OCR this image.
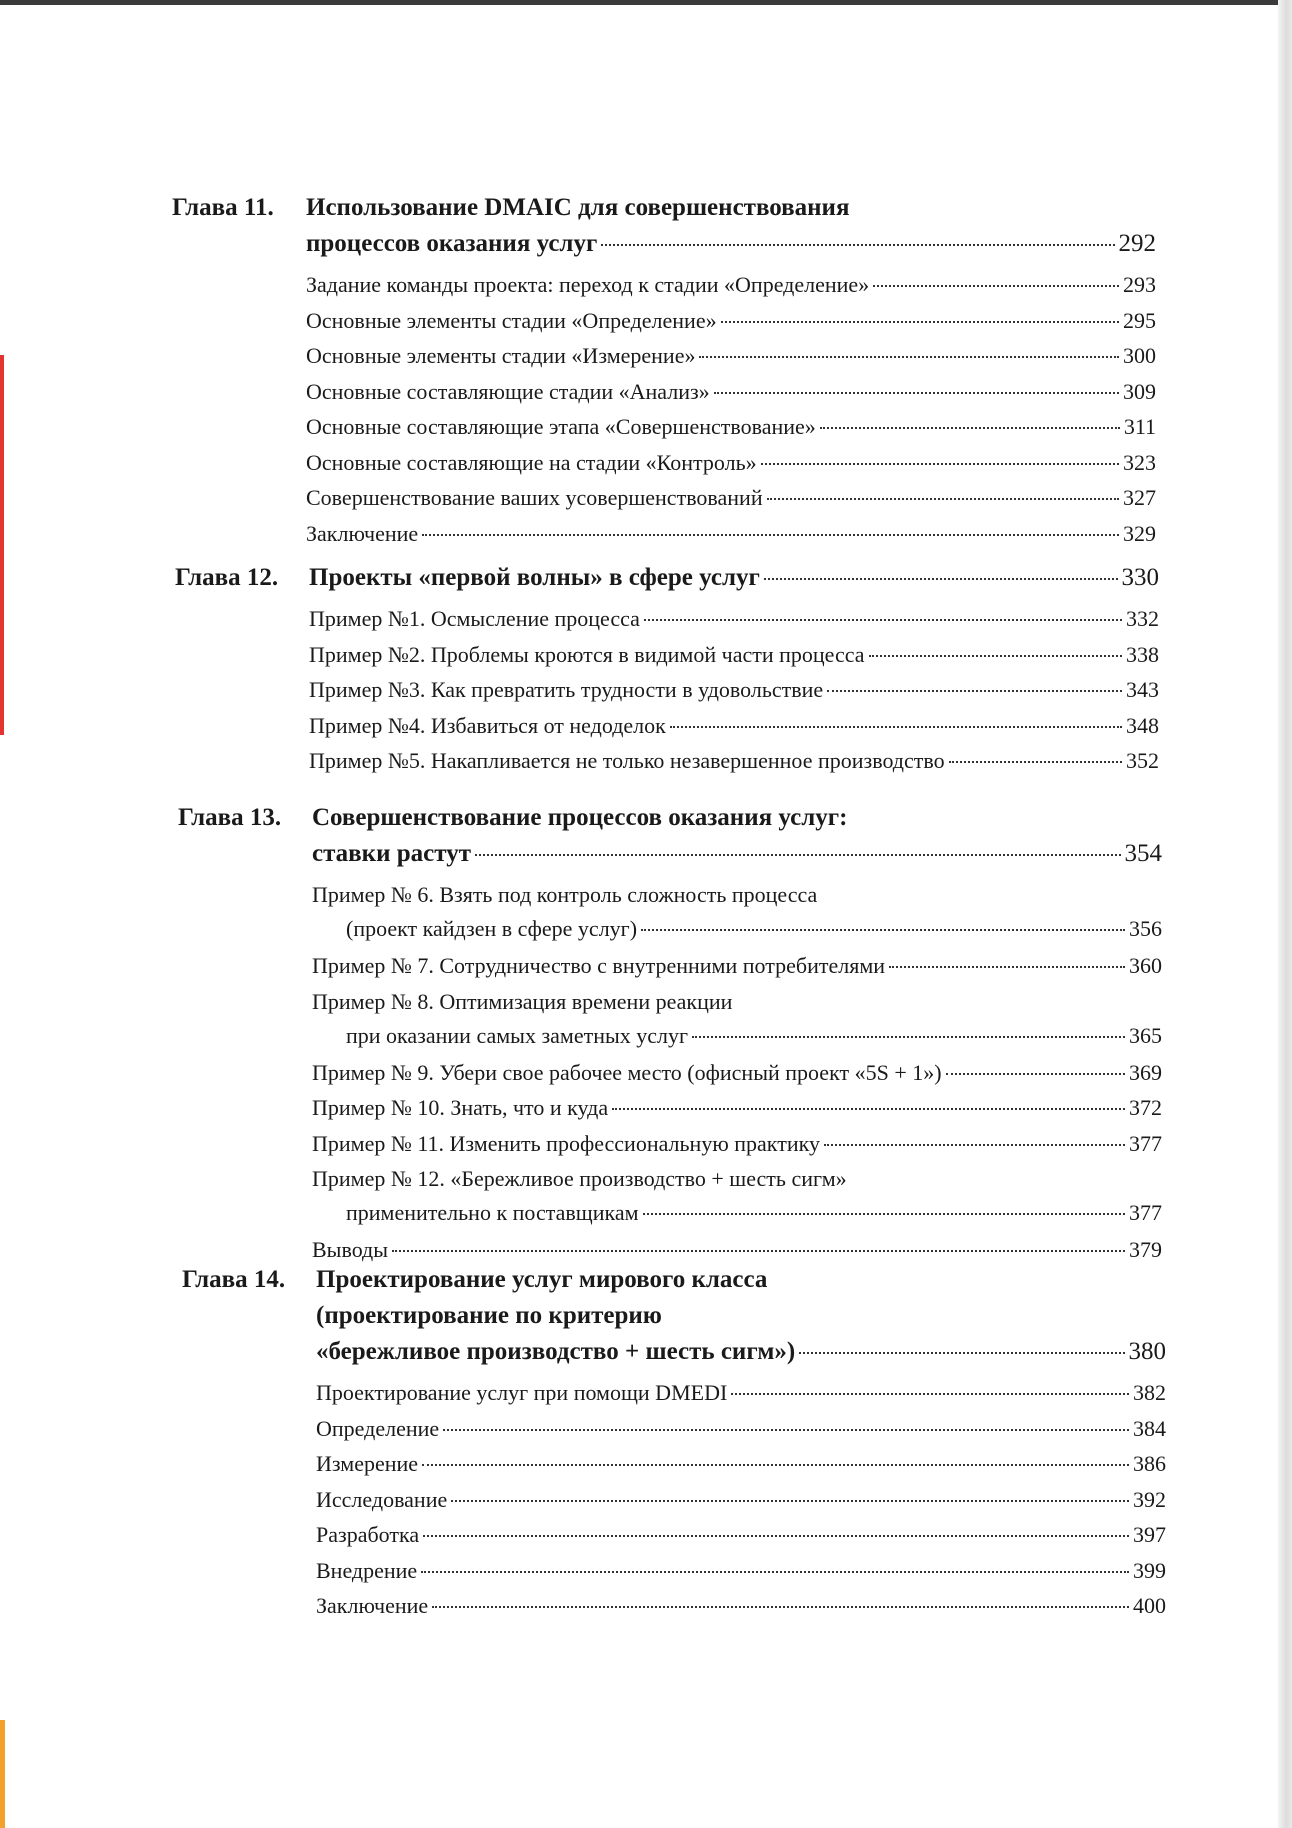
Глава 11.	Использование DMAIC для совершенствования
процессов оказания услуг	292
Задание команды проекта: переход к стадии «Определение»	293
Основные элементы стадии «Определение»	295
Основные элементы стадии «Измерение»	300
Основные составляющие стадии «Анализ»	309
Основные составляющие этапа «Совершенствование»	311
Основные составляющие на стадии «Контроль»	323
Совершенствование ваших усовершенствований	327
Заключение	329
Глава 12.	Проекты «первой волны» в сфере услуг	330
Пример №1. Осмысление процесса	332
Пример №2. Проблемы кроются в видимой части процесса	338
Пример №3. Как превратить трудности в удовольствие	343
Пример №4. Избавиться от недоделок	348
Пример №5. Накапливается не только незавершенное производство	352
Глава 13.	Совершенствование процессов оказания услуг:
ставки растут	354
Пример № 6. Взять под контроль сложность процесса
(проект кайдзен в сфере услуг)	356
Пример № 7. Сотрудничество с внутренними потребителями	360
Пример № 8. Оптимизация времени реакции
при оказании самых заметных услуг	365
Пример № 9. Убери свое рабочее место (офисный проект «5S + 1»)	369
Пример № 10. Знать, что и куда	372
Пример № 11. Изменить профессиональную практику	377
Пример № 12. «Бережливое производство + шесть сигм»
применительно к поставщикам	377
Выводы	379
Глава 14.	Проектирование услуг мирового класса
(проектирование по критерию
«бережливое производство + шесть сигм»)	380
Проектирование услуг при помощи DMEDI	382
Определение	384
Измерение	386
Исследование	392
Разработка	397
Внедрение	399
Заключение	400
